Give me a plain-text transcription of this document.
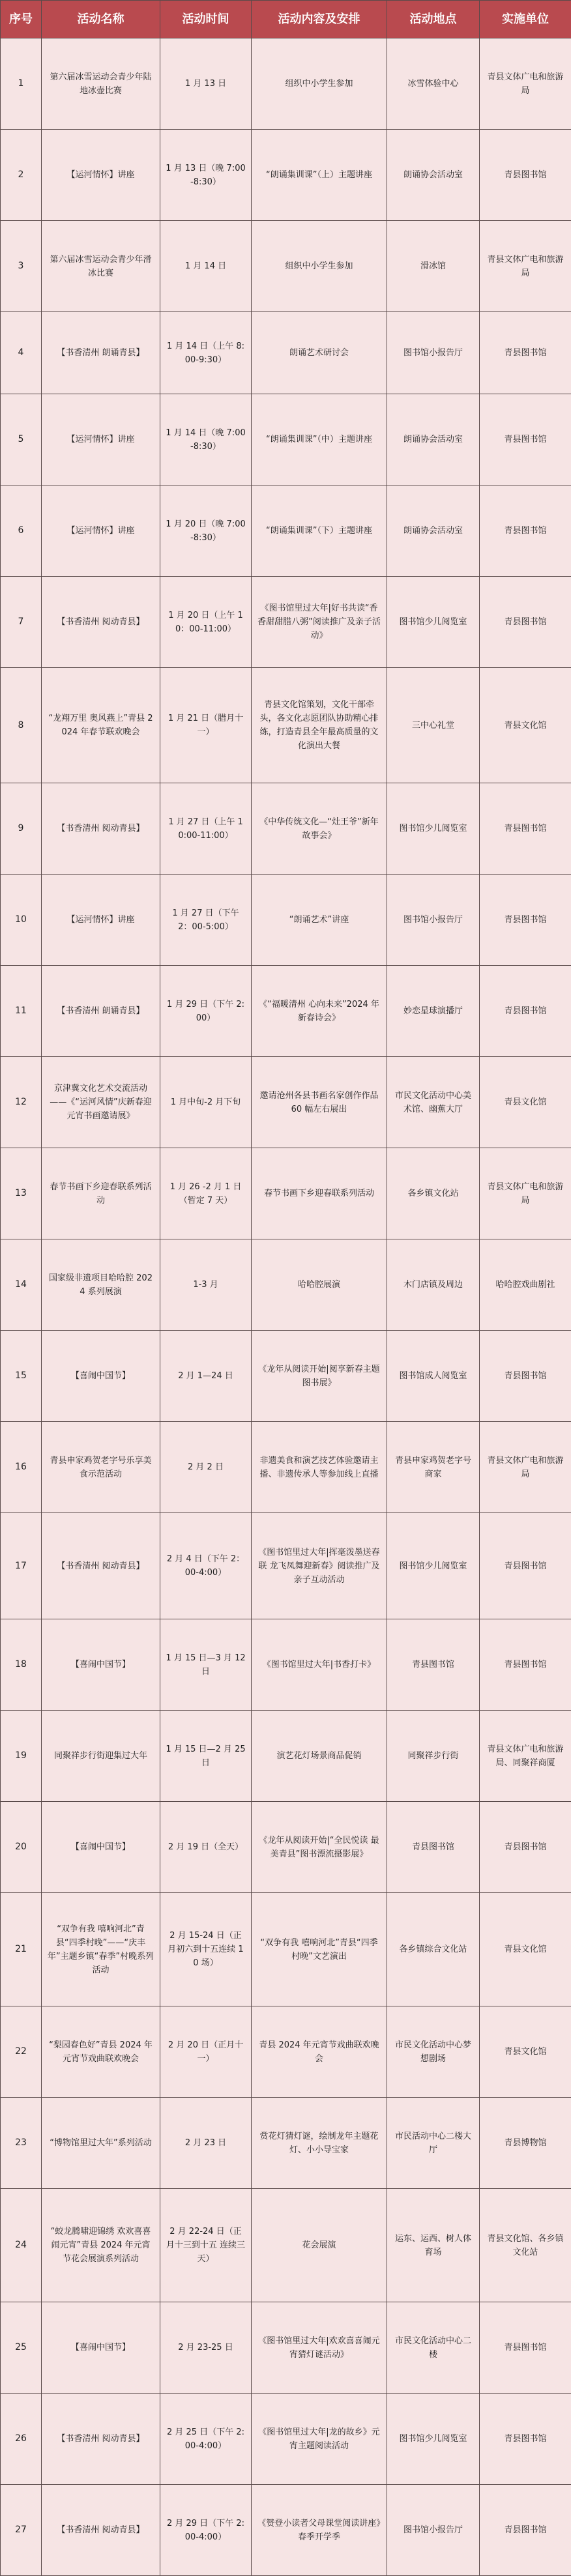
序号	活动名称	活动时间	活动内容及安排	活动地点	实施单位
1	第六届冰雪运动会青少年陆地冰壶比赛	1 月 13 日	组织中小学生参加	冰雪体验中心	青县文体广电和旅游局
2	【运河情怀】讲座	1 月 13 日（晚 7:00-8:30）	“朗诵集训课”（上）主题讲座	朗诵协会活动室	青县图书馆
3	第六届冰雪运动会青少年滑冰比赛	1 月 14 日	组织中小学生参加	滑冰馆	青县文体广电和旅游局
4	【书香清州 朗诵青县】	1 月 14 日（上午 8:00-9:30）	朗诵艺术研讨会	图书馆小报告厅	青县图书馆
5	【运河情怀】讲座	1 月 14 日（晚 7:00-8:30）	“朗诵集训课”（中）主题讲座	朗诵协会活动室	青县图书馆
6	【运河情怀】讲座	1 月 20 日（晚 7:00-8:30）	“朗诵集训课”（下）主题讲座	朗诵协会活动室	青县图书馆
7	【书香清州 阅动青县】	1 月 20 日（上午 10：00-11:00）	《图书馆里过大年|好书共读“香香甜甜腊八粥”阅读推广及亲子活动》	图书馆少儿阅览室	青县图书馆
8	“龙翔万里 奥风燕上”青县 2024 年春节联欢晚会	1 月 21 日（腊月十一）	青县文化馆策划，文化干部牵头，各文化志愿团队协助精心排练，打造青县全年最高质量的文化演出大餐	三中心礼堂	青县文化馆
9	【书香清州 阅动青县】	1 月 27 日（上午 10:00-11:00）	《中华传统文化—“灶王爷”新年故事会》	图书馆少儿阅览室	青县图书馆
10	【运河情怀】讲座	1 月 27 日（下午 2：00-5:00）	“朗诵艺术”讲座	图书馆小报告厅	青县图书馆
11	【书香清州 朗诵青县】	1 月 29 日（下午 2:00）	《“福暖清州 心向未来”2024 年新春诗会》	妙恋星球演播厅	青县图书馆
12	京津冀文化艺术交流活动——《“运河风情”庆新春迎元宵书画邀请展》	1 月中旬-2 月下旬	邀请沧州各县书画名家创作作品 60 幅左右展出	市民文化活动中心美术馆、幽蕉大厅	青县文化馆
13	春节书画下乡迎春联系列活动	1 月 26 -2 月 1 日（暂定 7 天）	春节书画下乡迎春联系列活动	各乡镇文化站	青县文体广电和旅游局
14	国家级非遗项目哈哈腔 2024 系列展演	1-3 月	哈哈腔展演	木门店镇及周边	哈哈腔戏曲剧社
15	【喜闹中国节】	2 月 1—24 日	《龙年从阅读开始|阅享新春主题图书展》	图书馆成人阅览室	青县图书馆
16	青县申家鸡贺老字号乐享美食示范活动	2 月 2 日	非遗美食和演艺技艺体验邀请主播、非遗传承人等参加线上直播	青县申家鸡贺老字号商家	青县文体广电和旅游局
17	【书香清州 阅动青县】	2 月 4 日（下午 2：00-4:00）	《图书馆里过大年|挥毫泼墨送春联 龙飞凤舞迎新春》阅读推广及亲子互动活动	图书馆少儿阅览室	青县图书馆
18	【喜闹中国节】	1 月 15 日—3 月 12 日	《图书馆里过大年|书香打卡》	青县图书馆	青县图书馆
19	同聚祥步行街迎集过大年	1 月 15 日—2 月 25 日	演艺花灯场景商品促销	同聚祥步行街	青县文体广电和旅游局、同聚祥商厦
20	【喜闹中国节】	2 月 19 日（全天）	《龙年从阅读开始|“全民悦读 最美青县”图书漂流摄影展》	青县图书馆	青县图书馆
21	“双争有我 嘻响河北”青县“四季村晚”——“庆丰年”主题乡镇“春季”村晚系列活动	2 月 15-24 日（正月初六到十五连续 10 场）	“双争有我 嘻响河北”青县“四季村晚”文艺演出	各乡镇综合文化站	青县文化馆
22	“梨园春色好”青县 2024 年元宵节戏曲联欢晚会	2 月 20 日（正月十一）	青县 2024 年元宵节戏曲联欢晚会	市民文化活动中心梦想剧场	青县文化馆
23	“博物馆里过大年”系列活动	2 月 23 日	赏花灯猜灯谜，绘制龙年主题花灯、小小导宝家	市民活动中心二楼大厅	青县博物馆
24	“蛟龙腾啸迎锦绣 欢欢喜喜闹元宵”青县 2024 年元宵节花会展演系列活动	2 月 22-24 日（正月十三到十五 连续三天）	花会展演	运东、运西、树人体育场	青县文化馆、各乡镇文化站
25	【喜闹中国节】	2 月 23-25 日	《图书馆里过大年|欢欢喜喜闹元宵猜灯谜活动》	市民文化活动中心二楼	青县图书馆
26	【书香清州 阅动青县】	2 月 25 日（下午 2:00-4:00）	《图书馆里过大年|龙的故乡》元宵主题阅读活动	图书馆少儿阅览室	青县图书馆
27	【书香清州 阅动青县】	2 月 29 日（下午 2:00-4:00）	《赞登小读者父母课堂阅读讲座》春季开学季	图书馆小报告厅	青县图书馆
